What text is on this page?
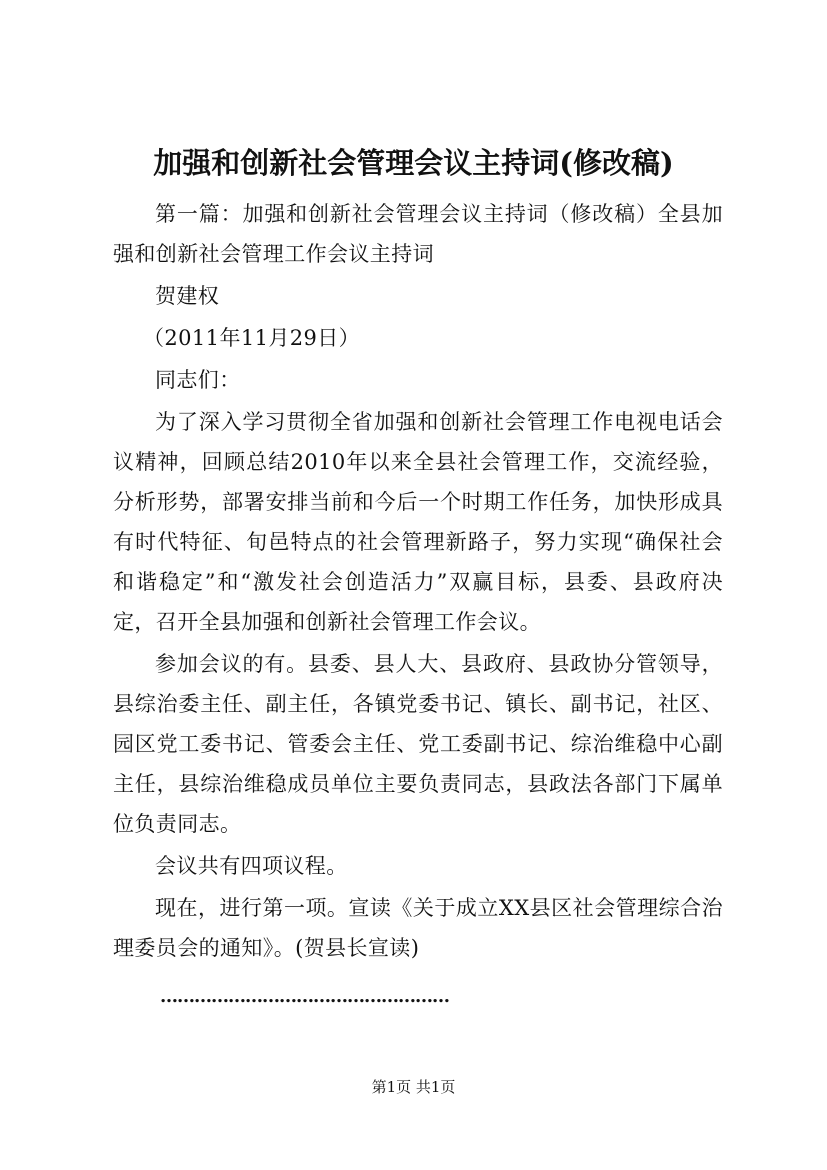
加强和创新社会管理会议主持词(修改稿)

第一篇：加强和创新社会管理会议主持词（修改稿）全县加强和创新社会管理工作会议主持词

贺建权

（2011年11月29日）

同志们：

为了深入学习贯彻全省加强和创新社会管理工作电视电话会议精神，回顾总结2010年以来全县社会管理工作，交流经验，分析形势，部署安排当前和今后一个时期工作任务，加快形成具有时代特征、旬邑特点的社会管理新路子，努力实现“确保社会和谐稳定”和“激发社会创造活力”双赢目标，县委、县政府决定，召开全县加强和创新社会管理工作会议。

参加会议的有。县委、县人大、县政府、县政协分管领导，县综治委主任、副主任，各镇党委书记、镇长、副书记，社区、园区党工委书记、管委会主任、党工委副书记、综治维稳中心副主任，县综治维稳成员单位主要负责同志，县政法各部门下属单位负责同志。

会议共有四项议程。

现在，进行第一项。宣读《关于成立XX县区社会管理综合治理委员会的通知》。(贺县长宣读)

……………………………………………
第1页 共1页
